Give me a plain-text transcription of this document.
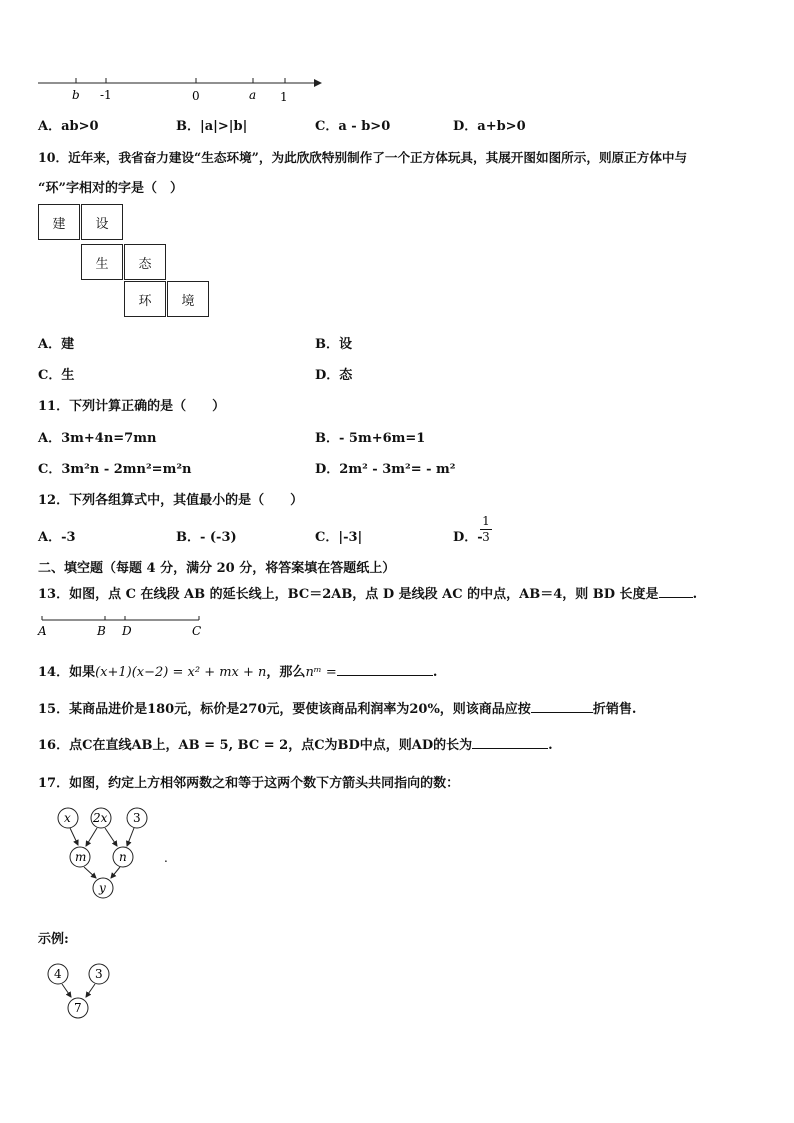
b -1	0	a 1
A．ab>0	B．|a|>|b|	C．a - b>0	D．a+b>0
10．近年来，我省奋力建设“生态环境”，为此欣欣特别制作了一个正方体玩具，其展开图如图所示，则原正方体中与
“环”字相对的字是（　）
建	设
生	态
环	境
A．建	B．设
C．生	D．态
11．下列计算正确的是（　　）
A．3m+4n=7mn	B．- 5m+6m=1
C．3m²n - 2mn²=m²n	D．2m² - 3m²= - m²
12．下列各组算式中，其值最小的是（　　）
A．-3	B．- (-3)	C．|-3|	D．-
1
3
二、填空题（每题 4 分，满分 20 分，将答案填在答题纸上）
13．如图，点 C 在线段 AB 的延长线上，BC＝2AB，点 D 是线段 AC 的中点，AB＝4，则 BD 长度是	.
A	B D	C
14．如果(x+1)(x−2) = x² + mx + n，那么nᵐ =	.
15．某商品进价是180元，标价是270元，要使该商品利润率为20%，则该商品应按	折销售.
16．点C在直线AB上，AB = 5, BC = 2，点C为BD中点，则AD的长为	.
17．如图，约定上方相邻两数之和等于这两个数下方箭头共同指向的数：
x 2x 3
m	n
y
.
示例:
4	3
7
